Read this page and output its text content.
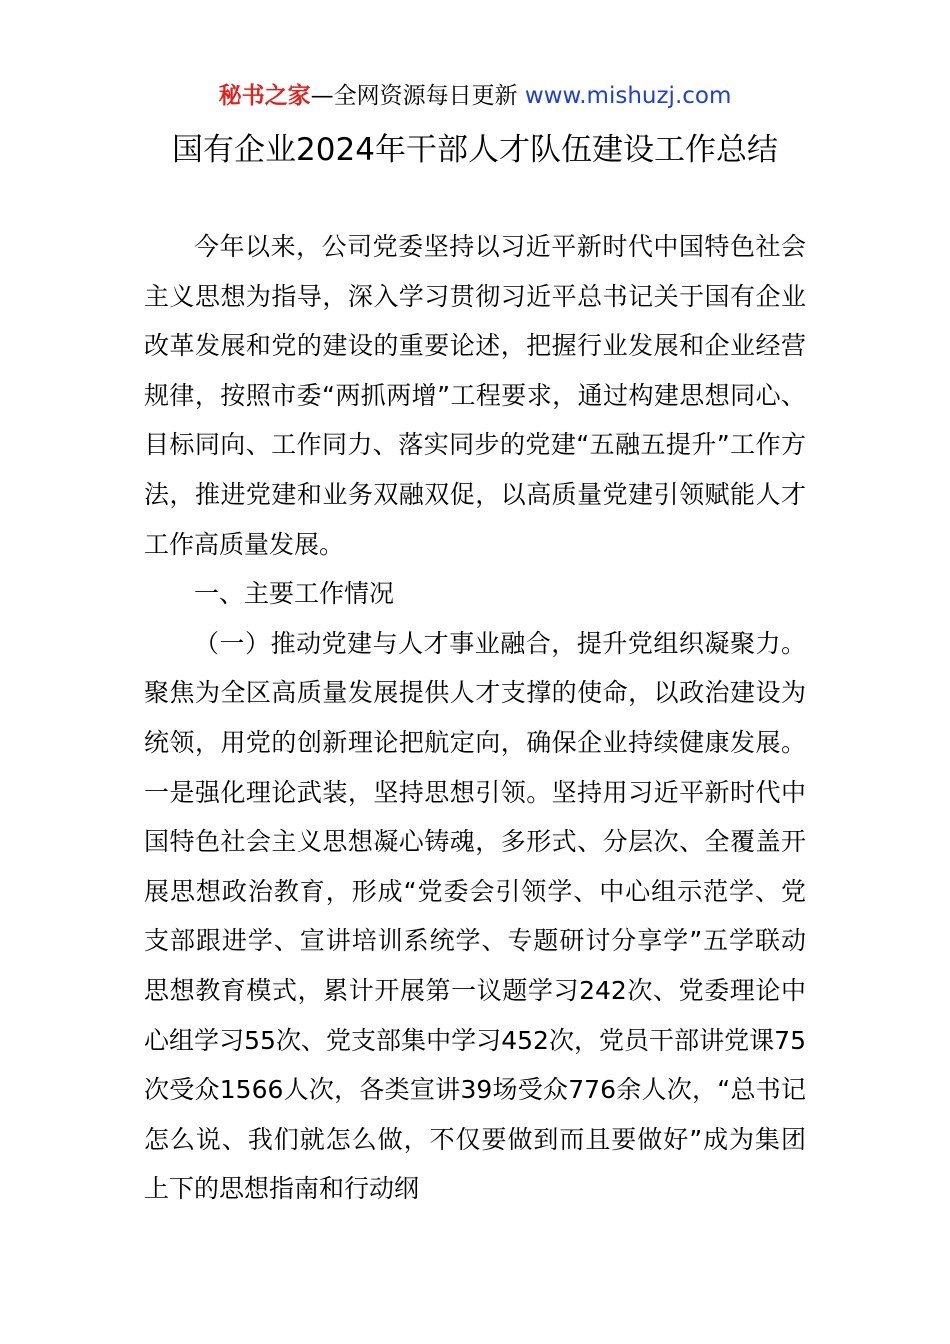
秘书之家—全网资源每日更新 www.mishuzj.com
国有企业2024年干部人才队伍建设工作总结

今年以来，公司党委坚持以习近平新时代中国特色社会主义思想为指导，深入学习贯彻习近平总书记关于国有企业改革发展和党的建设的重要论述，把握行业发展和企业经营规律，按照市委“两抓两增”工程要求，通过构建思想同心、目标同向、工作同力、落实同步的党建“五融五提升”工作方法，推进党建和业务双融双促，以高质量党建引领赋能人才工作高质量发展。

一、主要工作情况

（一）推动党建与人才事业融合，提升党组织凝聚力。聚焦为全区高质量发展提供人才支撑的使命，以政治建设为统领，用党的创新理论把航定向，确保企业持续健康发展。一是强化理论武装，坚持思想引领。坚持用习近平新时代中国特色社会主义思想凝心铸魂，多形式、分层次、全覆盖开展思想政治教育，形成“党委会引领学、中心组示范学、党支部跟进学、宣讲培训系统学、专题研讨分享学”五学联动思想教育模式，累计开展第一议题学习242次、党委理论中心组学习55次、党支部集中学习452次，党员干部讲党课75次受众1566人次，各类宣讲39场受众776余人次，“总书记怎么说、我们就怎么做，不仅要做到而且要做好”成为集团上下的思想指南和行动纲
